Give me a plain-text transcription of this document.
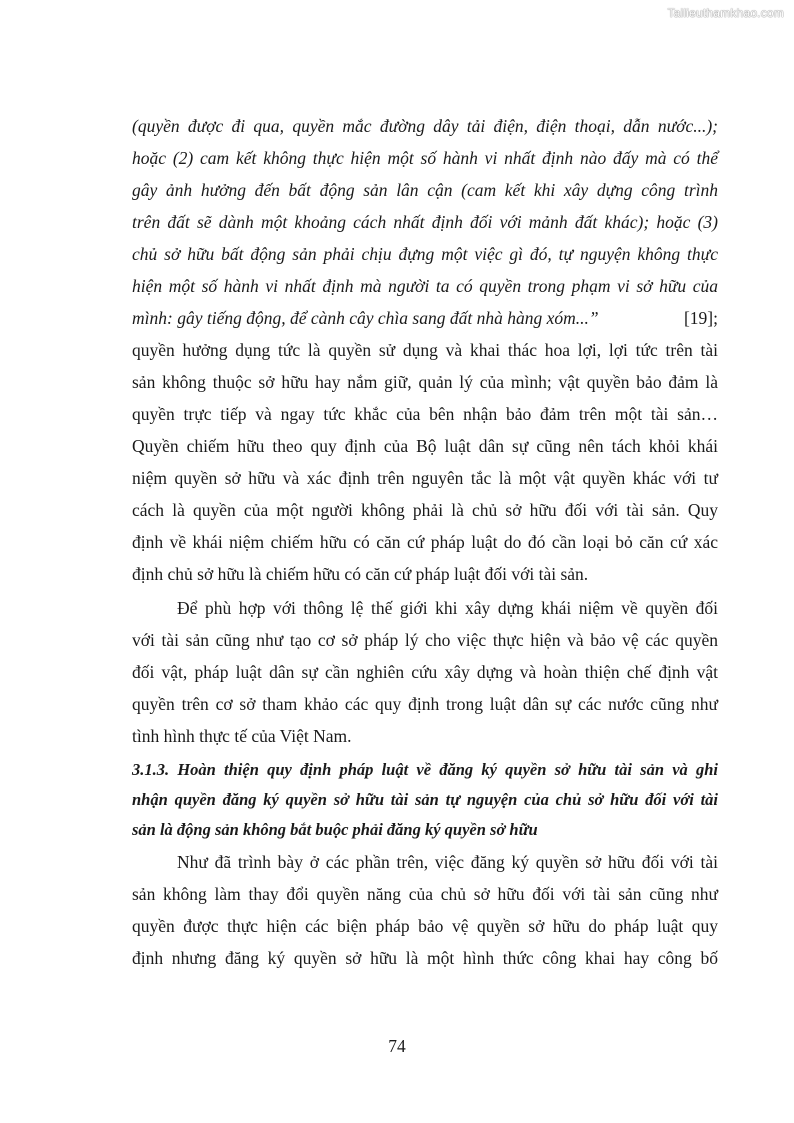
Tailieuthamkhao.com
(quyền được đi qua, quyền mắc đường dây tải điện, điện thoại, dẫn nước...);
hoặc (2) cam kết không thực hiện một số hành vi nhất định nào đấy mà có thể
gây ảnh hưởng đến bất động sản lân cận (cam kết khi xây dựng công trình
trên đất sẽ dành một khoảng cách nhất định đối với mảnh đất khác); hoặc (3)
chủ sở hữu bất động sản phải chịu đựng một việc gì đó, tự nguyện không thực
hiện một số hành vi nhất định mà người ta có quyền trong phạm vi sở hữu của
mình: gây tiếng động, để cành cây chìa sang đất nhà hàng xóm...”	[19];
quyền hưởng dụng tức là quyền sử dụng và khai thác hoa lợi, lợi tức trên tài
sản không thuộc sở hữu hay nắm giữ, quản lý của mình; vật quyền bảo đảm là
quyền trực tiếp và ngay tức khắc của bên nhận bảo đảm trên một tài sản…
Quyền chiếm hữu theo quy định của Bộ luật dân sự cũng nên tách khỏi khái
niệm quyền sở hữu và xác định trên nguyên tắc là một vật quyền khác với tư
cách là quyền của một người không phải là chủ sở hữu đối với tài sản. Quy
định về khái niệm chiếm hữu có căn cứ pháp luật do đó cần loại bỏ căn cứ xác
định chủ sở hữu là chiếm hữu có căn cứ pháp luật đối với tài sản.
Để phù hợp với thông lệ thế giới khi xây dựng khái niệm về quyền đối
với tài sản cũng như tạo cơ sở pháp lý cho việc thực hiện và bảo vệ các quyền
đối vật, pháp luật dân sự cần nghiên cứu xây dựng và hoàn thiện chế định vật
quyền trên cơ sở tham khảo các quy định trong luật dân sự các nước cũng như
tình hình thực tế của Việt Nam.
3.1.3. Hoàn thiện quy định pháp luật về đăng ký quyền sở hữu tài sản và ghi
nhận quyền đăng ký quyền sở hữu tài sản tự nguyện của chủ sở hữu đối với tài
sản là động sản không bắt buộc phải đăng ký quyền sở hữu
Như đã trình bày ở các phần trên, việc đăng ký quyền sở hữu đối với tài
sản không làm thay đổi quyền năng của chủ sở hữu đối với tài sản cũng như
quyền được thực hiện các biện pháp bảo vệ quyền sở hữu do pháp luật quy
định nhưng đăng ký quyền sở hữu là một hình thức công khai hay công bố
74
